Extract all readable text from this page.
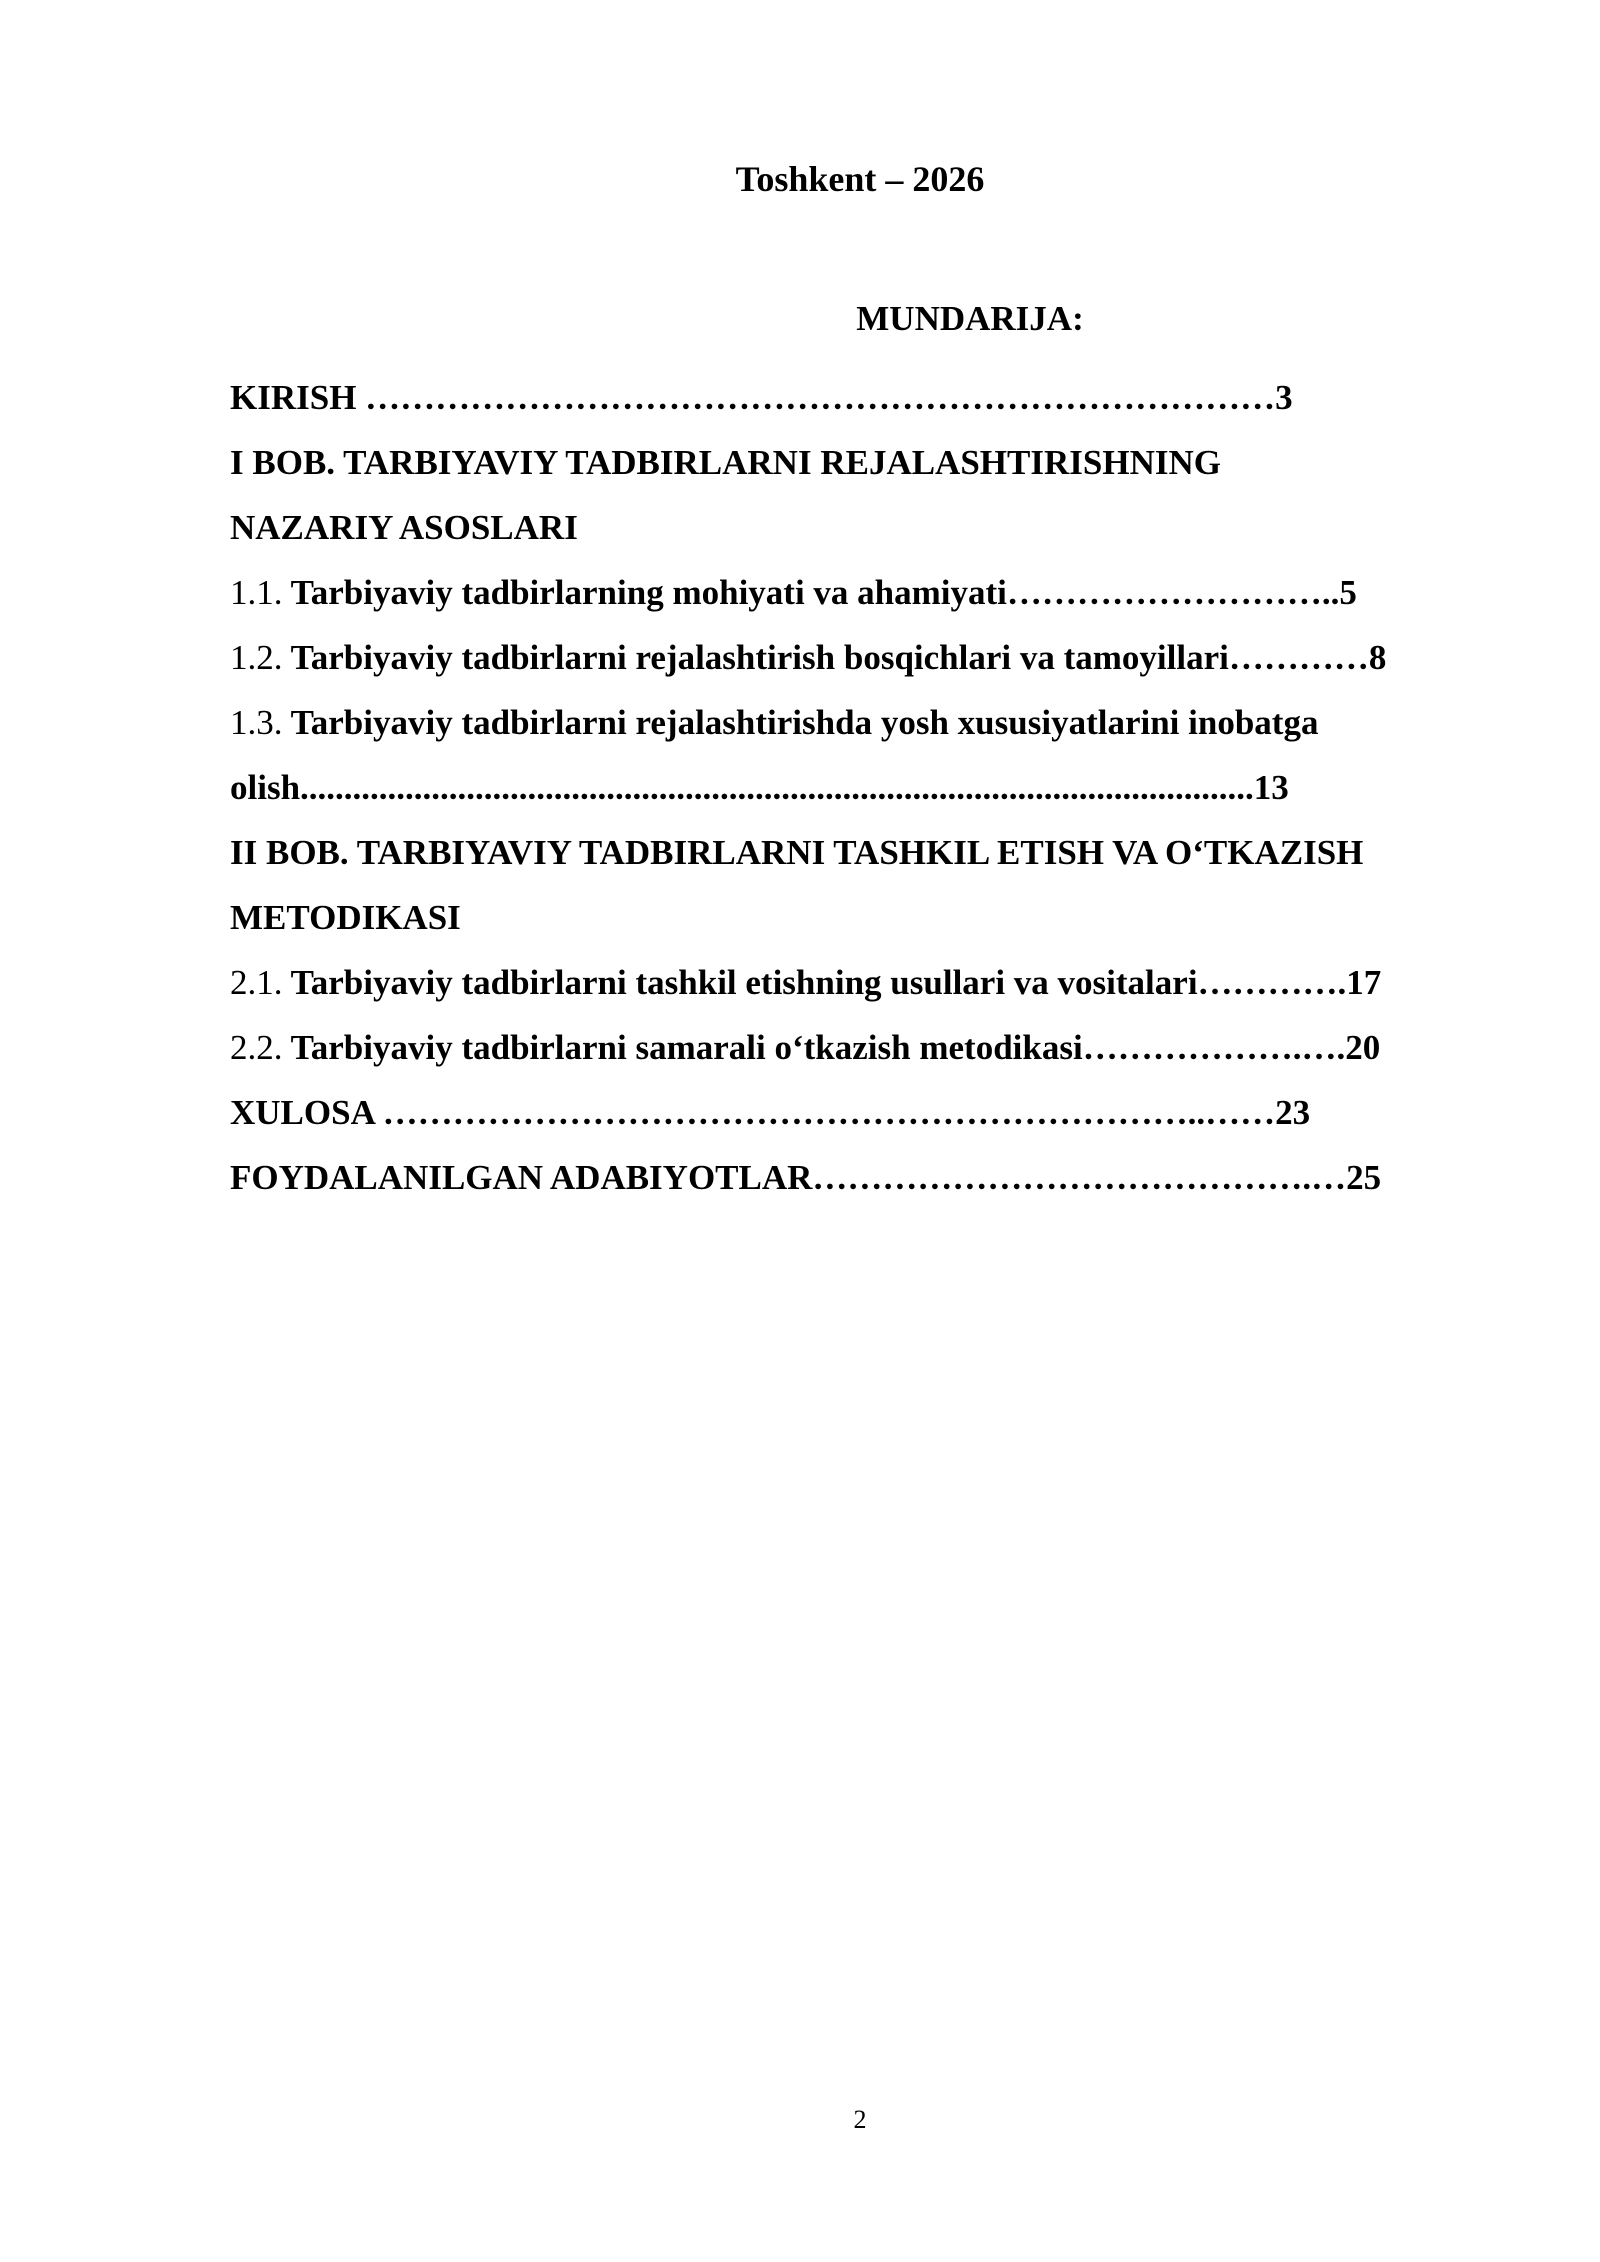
Toshkent – 2026
MUNDARIJA:
KIRISH ……………………………………………………………………3
I BOB. TARBIYAVIY TADBIRLARNI REJALASHTIRISHNING
NAZARIY ASOSLARI
1.1. Tarbiyaviy tadbirlarning mohiyati va ahamiyati………………………..5
1.2. Tarbiyaviy tadbirlarni rejalashtirish bosqichlari va tamoyillari…………8
1.3. Tarbiyaviy tadbirlarni rejalashtirishda yosh xususiyatlarini inobatga
olish.............................................................................................................13
II BOB. TARBIYAVIY TADBIRLARNI TASHKIL ETISH VA O‘TKAZISH
METODIKASI
2.1. Tarbiyaviy tadbirlarni tashkil etishning usullari va vositalari………….17
2.2. Tarbiyaviy tadbirlarni samarali o‘tkazish metodikasi……………….….20
XULOSA ……………………………………………………………..……23
FOYDALANILGAN ADABIYOTLAR…………………………………….…25
2
